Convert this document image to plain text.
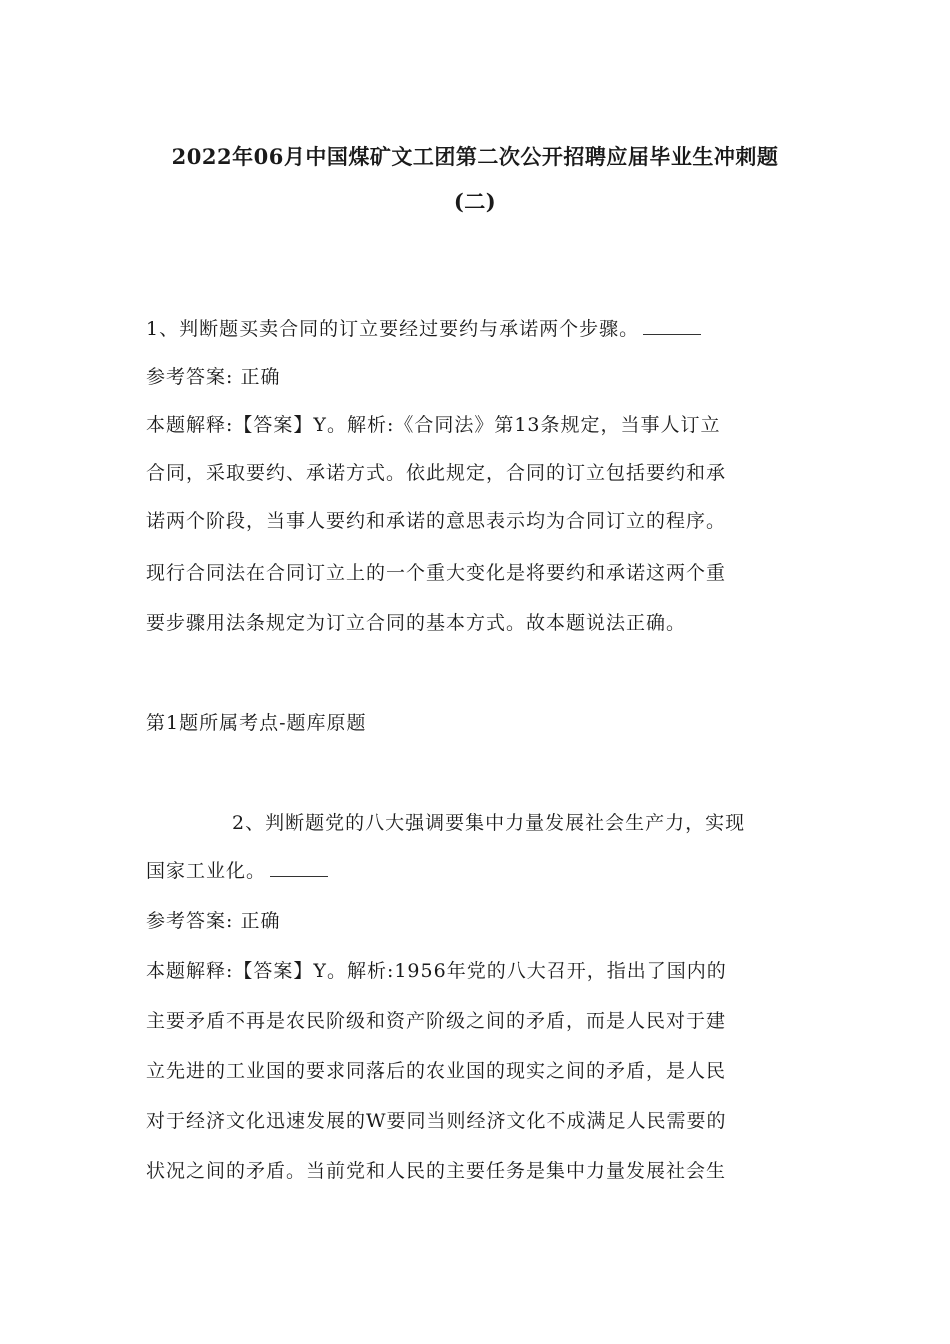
2022年06月中国煤矿文工团第二次公开招聘应届毕业生冲刺题
(二)
1、判断题买卖合同的订立要经过要约与承诺两个步骤。
参考答案: 正确
本题解释:【答案】Y。解析:《合同法》第13条规定，当事人订立
合同，采取要约、承诺方式。依此规定，合同的订立包括要约和承
诺两个阶段，当事人要约和承诺的意思表示均为合同订立的程序。
现行合同法在合同订立上的一个重大变化是将要约和承诺这两个重
要步骤用法条规定为订立合同的基本方式。故本题说法正确。
第1题所属考点-题库原题
2、判断题党的八大强调要集中力量发展社会生产力，实现
国家工业化。
参考答案: 正确
本题解释:【答案】Y。解析:1956年党的八大召开，指出了国内的
主要矛盾不再是农民阶级和资产阶级之间的矛盾，而是人民对于建
立先进的工业国的要求同落后的农业国的现实之间的矛盾，是人民
对于经济文化迅速发展的W要同当则经济文化不成满足人民需要的
状况之间的矛盾。当前党和人民的主要任务是集中力量发展社会生
